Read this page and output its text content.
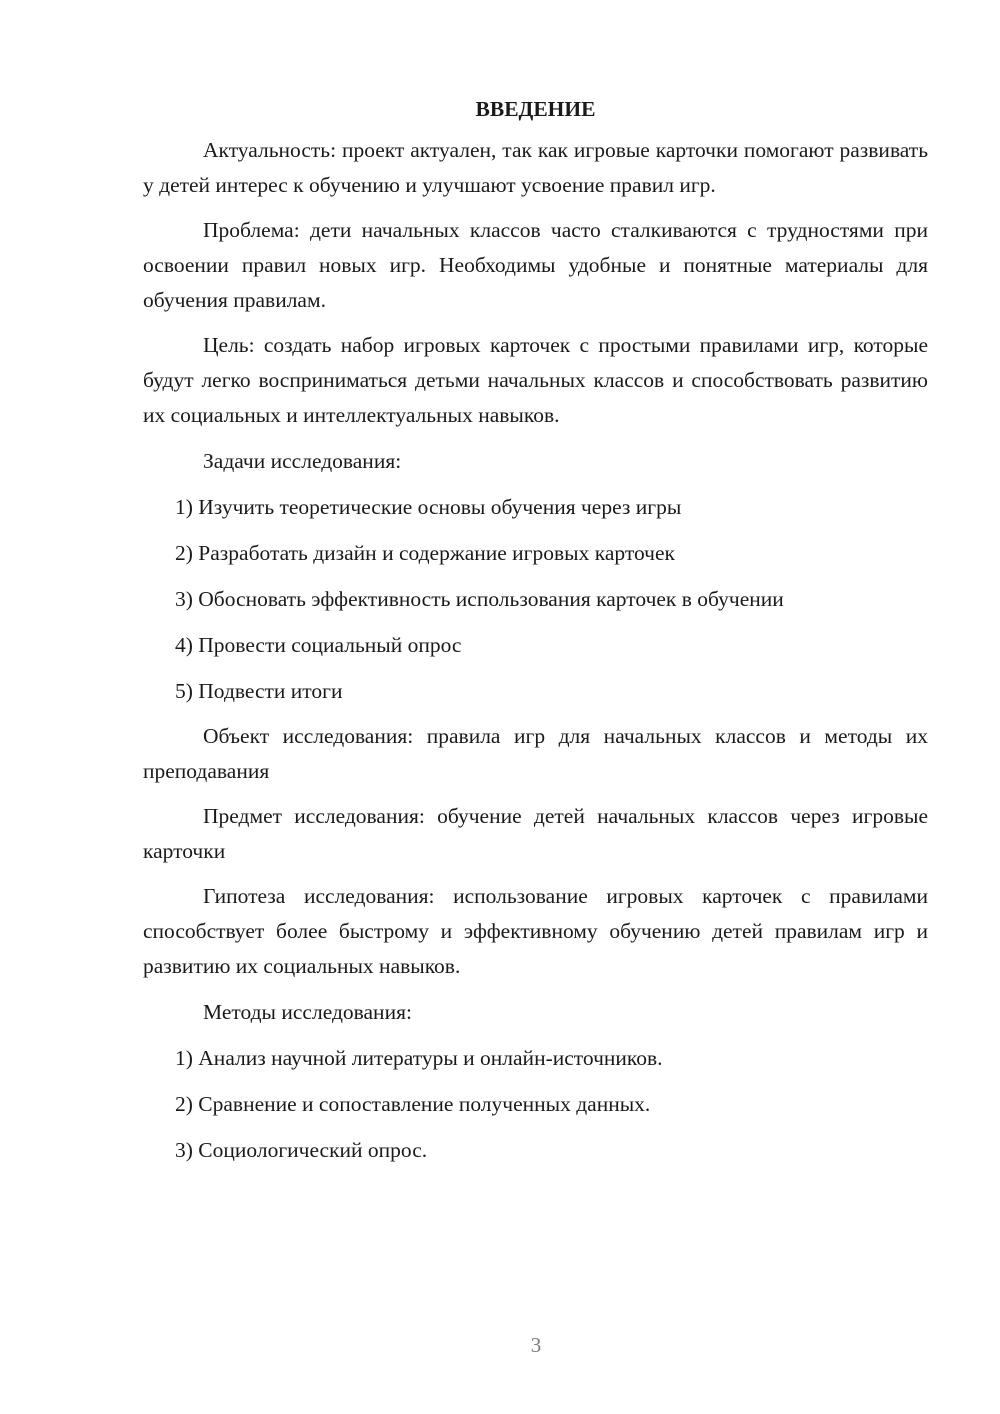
ВВЕДЕНИЕ

Актуальность: проект актуален, так как игровые карточки помогают развивать у детей интерес к обучению и улучшают усвоение правил игр.

Проблема: дети начальных классов часто сталкиваются с трудностями при освоении правил новых игр. Необходимы удобные и понятные материалы для обучения правилам.

Цель: создать набор игровых карточек с простыми правилами игр, которые будут легко восприниматься детьми начальных классов и способствовать развитию их социальных и интеллектуальных навыков.

Задачи исследования:

1) Изучить теоретические основы обучения через игры

2) Разработать дизайн и содержание игровых карточек

3) Обосновать эффективность использования карточек в обучении

4) Провести социальный опрос

5) Подвести итоги

Объект исследования: правила игр для начальных классов и методы их преподавания

Предмет исследования: обучение детей начальных классов через игровые карточки

Гипотеза исследования: использование игровых карточек с правилами способствует более быстрому и эффективному обучению детей правилам игр и развитию их социальных навыков.

Методы исследования:

1) Анализ научной литературы и онлайн-источников.

2) Сравнение и сопоставление полученных данных.

3) Социологический опрос.

3
